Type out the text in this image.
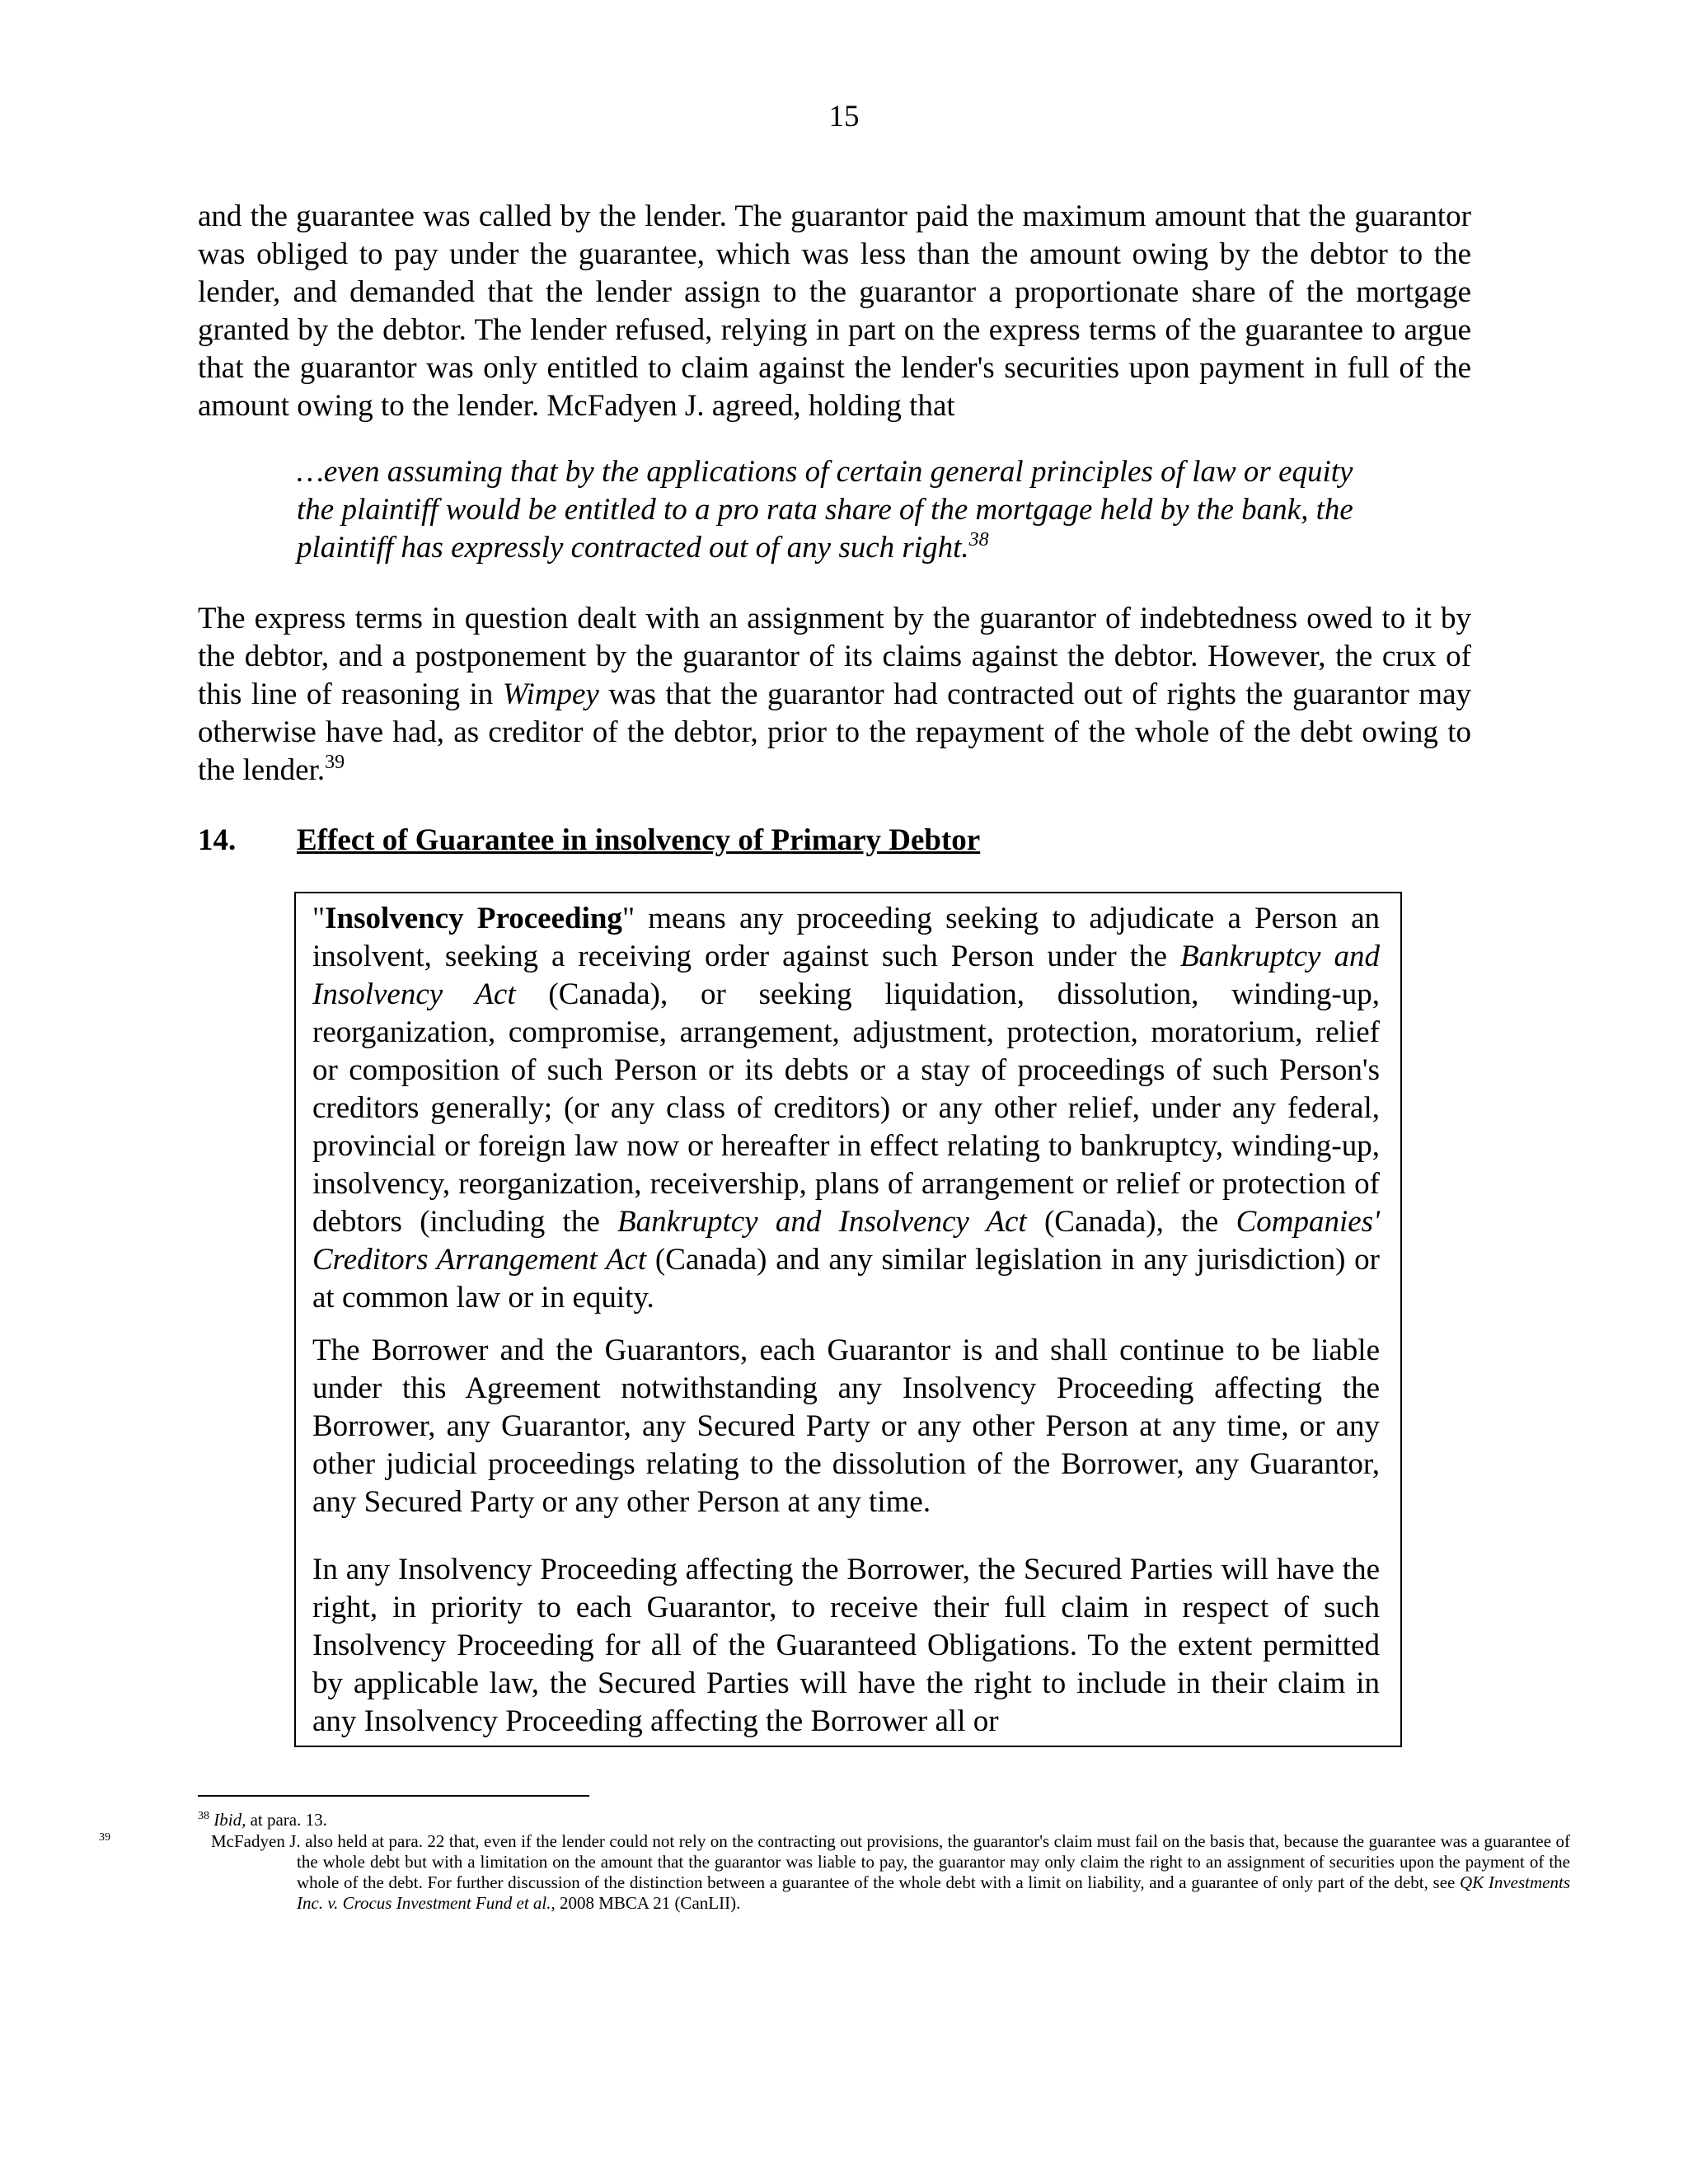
15

and the guarantee was called by the lender. The guarantor paid the maximum amount that the guarantor was obliged to pay under the guarantee, which was less than the amount owing by the debtor to the lender, and demanded that the lender assign to the guarantor a proportionate share of the mortgage granted by the debtor. The lender refused, relying in part on the express terms of the guarantee to argue that the guarantor was only entitled to claim against the lender's securities upon payment in full of the amount owing to the lender. McFadyen J. agreed, holding that

…even assuming that by the applications of certain general principles of law or equity the plaintiff would be entitled to a pro rata share of the mortgage held by the bank, the plaintiff has expressly contracted out of any such right.$^{38}$

The express terms in question dealt with an assignment by the guarantor of indebtedness owed to it by the debtor, and a postponement by the guarantor of its claims against the debtor. However, the crux of this line of reasoning in Wimpey was that the guarantor had contracted out of rights the guarantor may otherwise have had, as creditor of the debtor, prior to the repayment of the whole of the debt owing to the lender.$^{39}$

14. Effect of Guarantee in insolvency of Primary Debtor

"Insolvency Proceeding" means any proceeding seeking to adjudicate a Person an insolvent, seeking a receiving order against such Person under the Bankruptcy and Insolvency Act (Canada), or seeking liquidation, dissolution, winding-up, reorganization, compromise, arrangement, adjustment, protection, moratorium, relief or composition of such Person or its debts or a stay of proceedings of such Person's creditors generally; (or any class of creditors) or any other relief, under any federal, provincial or foreign law now or hereafter in effect relating to bankruptcy, winding-up, insolvency, reorganization, receivership, plans of arrangement or relief or protection of debtors (including the Bankruptcy and Insolvency Act (Canada), the Companies' Creditors Arrangement Act (Canada) and any similar legislation in any jurisdiction) or at common law or in equity.

The Borrower and the Guarantors, each Guarantor is and shall continue to be liable under this Agreement notwithstanding any Insolvency Proceeding affecting the Borrower, any Guarantor, any Secured Party or any other Person at any time, or any other judicial proceedings relating to the dissolution of the Borrower, any Guarantor, any Secured Party or any other Person at any time.

In any Insolvency Proceeding affecting the Borrower, the Secured Parties will have the right, in priority to each Guarantor, to receive their full claim in respect of such Insolvency Proceeding for all of the Guaranteed Obligations. To the extent permitted by applicable law, the Secured Parties will have the right to include in their claim in any Insolvency Proceeding affecting the Borrower all or

$^{38}$ Ibid, at para. 13.

$^{39}$	McFadyen J. also held at para. 22 that, even if the lender could not rely on the contracting out provisions, the guarantor's claim must fail on the basis that, because the guarantee was a guarantee of the whole debt but with a limitation on the amount that the guarantor was liable to pay, the guarantor may only claim the right to an assignment of securities upon the payment of the whole of the debt. For further discussion of the distinction between a guarantee of the whole debt with a limit on liability, and a guarantee of only part of the debt, see QK Investments Inc. v. Crocus Investment Fund et al., 2008 MBCA 21 (CanLII).
